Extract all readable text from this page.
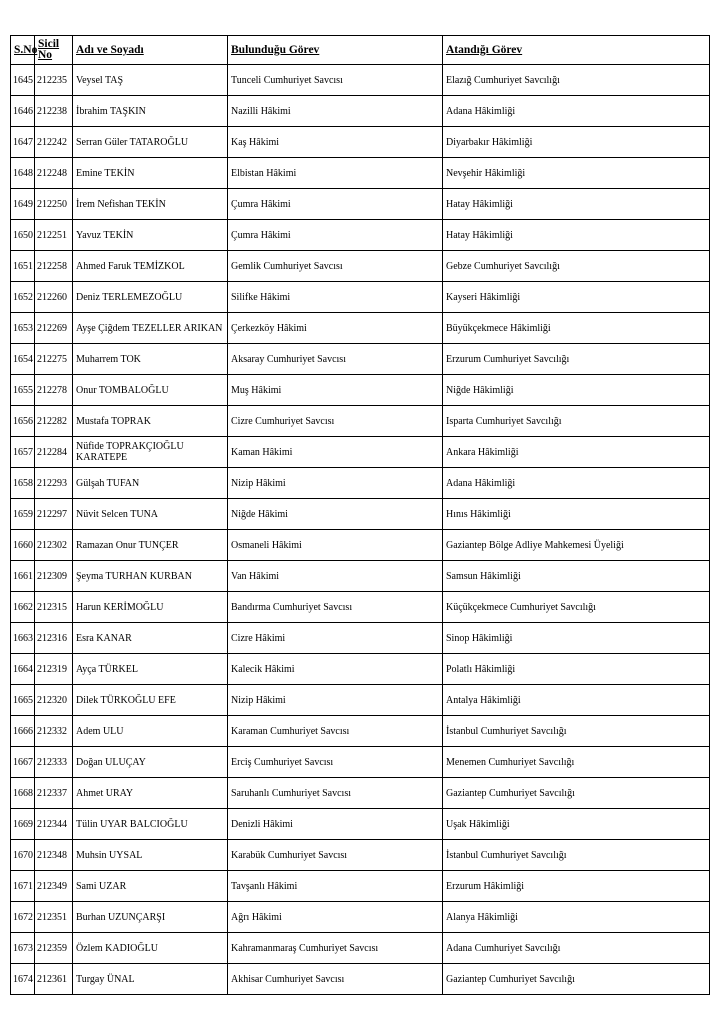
S.No	Sicil No	Adı ve Soyadı	Bulunduğu Görev	Atandığı Görev
1645	212235	Veysel TAŞ	Tunceli Cumhuriyet Savcısı	Elazığ Cumhuriyet Savcılığı
1646	212238	İbrahim TAŞKIN	Nazilli Hâkimi	Adana Hâkimliği
1647	212242	Serran Güler TATAROĞLU	Kaş Hâkimi	Diyarbakır Hâkimliği
1648	212248	Emine TEKİN	Elbistan Hâkimi	Nevşehir Hâkimliği
1649	212250	İrem Nefishan TEKİN	Çumra Hâkimi	Hatay Hâkimliği
1650	212251	Yavuz TEKİN	Çumra Hâkimi	Hatay Hâkimliği
1651	212258	Ahmed Faruk TEMİZKOL	Gemlik Cumhuriyet Savcısı	Gebze Cumhuriyet Savcılığı
1652	212260	Deniz TERLEMEZOĞLU	Silifke Hâkimi	Kayseri Hâkimliği
1653	212269	Ayşe Çiğdem TEZELLER ARIKAN	Çerkezköy Hâkimi	Büyükçekmece Hâkimliği
1654	212275	Muharrem TOK	Aksaray Cumhuriyet Savcısı	Erzurum Cumhuriyet Savcılığı
1655	212278	Onur TOMBALOĞLU	Muş Hâkimi	Niğde Hâkimliği
1656	212282	Mustafa TOPRAK	Cizre Cumhuriyet Savcısı	Isparta Cumhuriyet Savcılığı
1657	212284	Nüfide TOPRAKÇIOĞLU KARATEPE	Kaman Hâkimi	Ankara Hâkimliği
1658	212293	Gülşah TUFAN	Nizip Hâkimi	Adana Hâkimliği
1659	212297	Nüvit Selcen TUNA	Niğde Hâkimi	Hınıs Hâkimliği
1660	212302	Ramazan Onur TUNÇER	Osmaneli Hâkimi	Gaziantep Bölge Adliye Mahkemesi Üyeliği
1661	212309	Şeyma TURHAN KURBAN	Van Hâkimi	Samsun Hâkimliği
1662	212315	Harun KERİMOĞLU	Bandırma Cumhuriyet Savcısı	Küçükçekmece Cumhuriyet Savcılığı
1663	212316	Esra KANAR	Cizre Hâkimi	Sinop Hâkimliği
1664	212319	Ayça TÜRKEL	Kalecik Hâkimi	Polatlı Hâkimliği
1665	212320	Dilek TÜRKOĞLU EFE	Nizip Hâkimi	Antalya Hâkimliği
1666	212332	Adem ULU	Karaman Cumhuriyet Savcısı	İstanbul Cumhuriyet Savcılığı
1667	212333	Doğan ULUÇAY	Erciş Cumhuriyet Savcısı	Menemen Cumhuriyet Savcılığı
1668	212337	Ahmet URAY	Saruhanlı Cumhuriyet Savcısı	Gaziantep Cumhuriyet Savcılığı
1669	212344	Tülin UYAR BALCIOĞLU	Denizli Hâkimi	Uşak Hâkimliği
1670	212348	Muhsin UYSAL	Karabük Cumhuriyet Savcısı	İstanbul Cumhuriyet Savcılığı
1671	212349	Sami UZAR	Tavşanlı Hâkimi	Erzurum Hâkimliği
1672	212351	Burhan UZUNÇARŞI	Ağrı Hâkimi	Alanya Hâkimliği
1673	212359	Özlem KADIOĞLU	Kahramanmaraş Cumhuriyet Savcısı	Adana Cumhuriyet Savcılığı
1674	212361	Turgay ÜNAL	Akhisar Cumhuriyet Savcısı	Gaziantep Cumhuriyet Savcılığı
